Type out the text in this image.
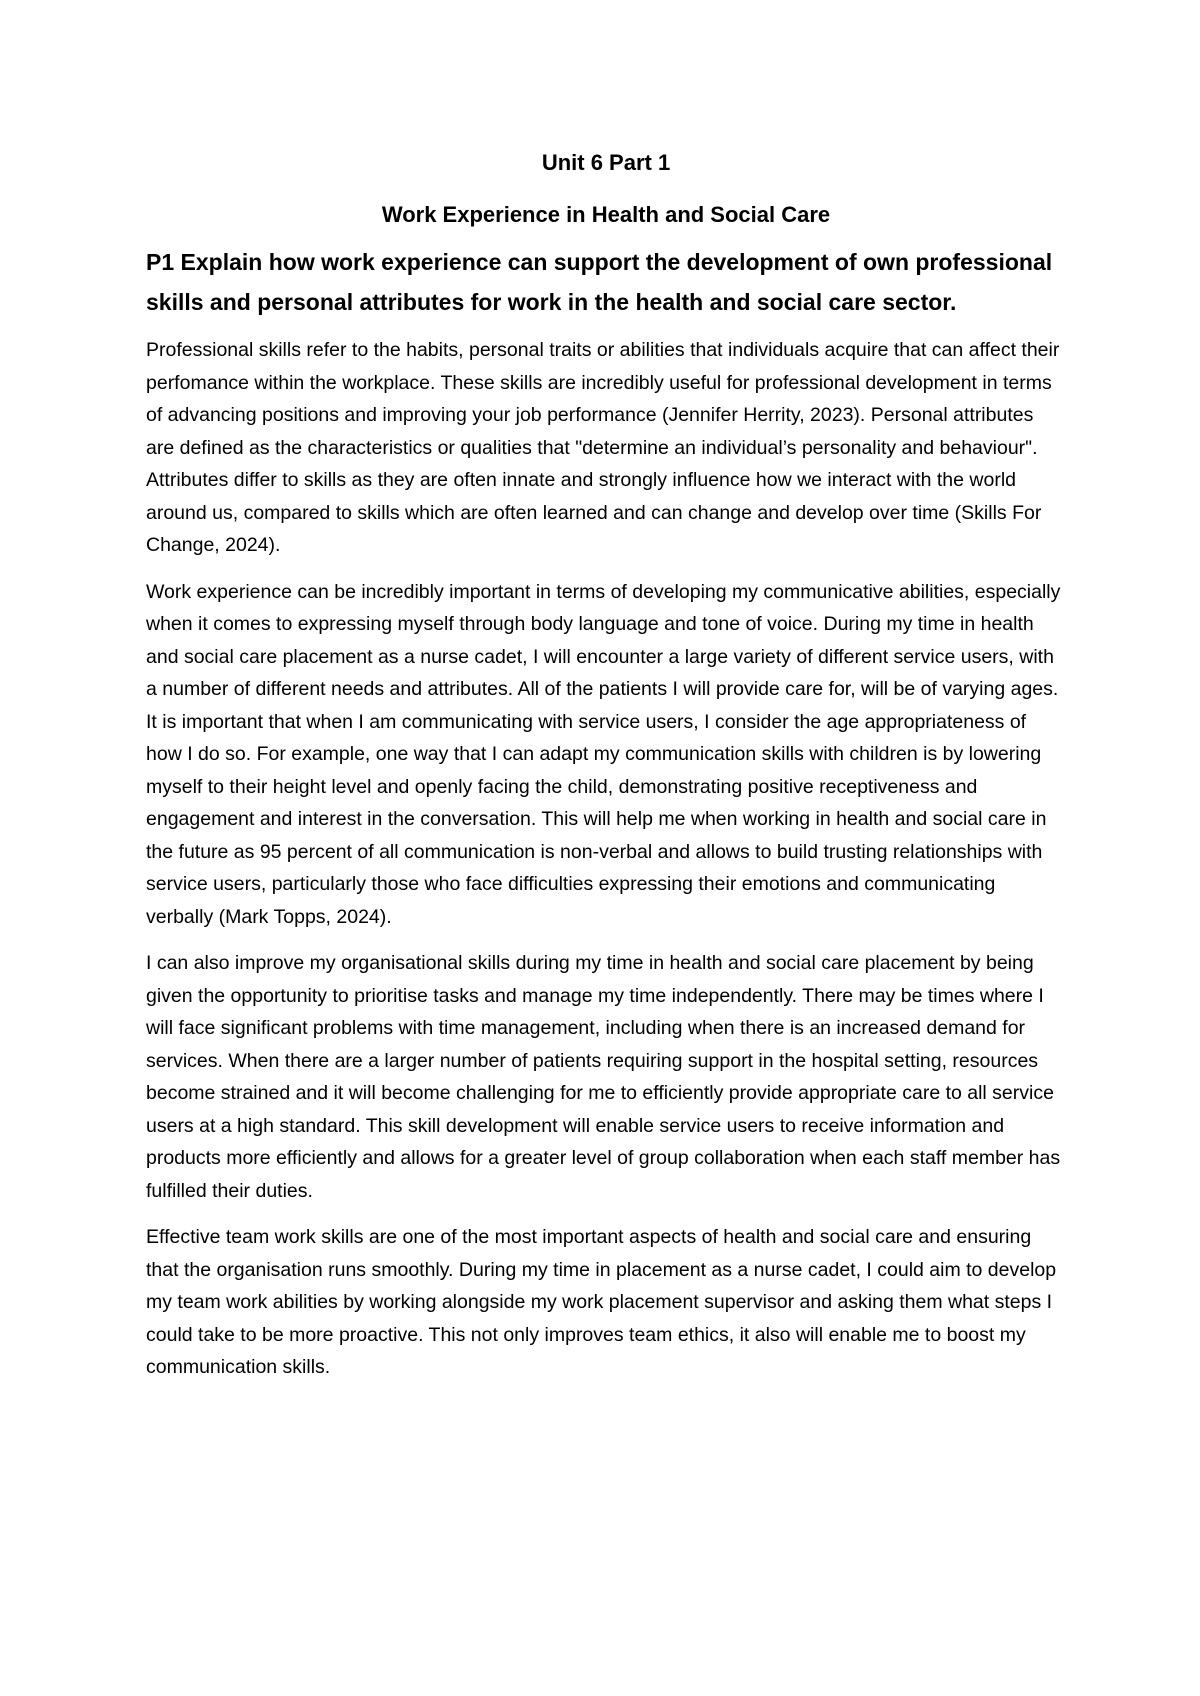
Unit 6 Part 1
Work Experience in Health and Social Care
P1 Explain how work experience can support the development of own professional skills and personal attributes for work in the health and social care sector.

Professional skills refer to the habits, personal traits or abilities that individuals acquire that can affect their perfomance within the workplace. These skills are incredibly useful for professional development in terms of advancing positions and improving your job performance (Jennifer Herrity, 2023). Personal attributes are defined as the characteristics or qualities that "determine an individual’s personality and behaviour". Attributes differ to skills as they are often innate and strongly influence how we interact with the world around us, compared to skills which are often learned and can change and develop over time (Skills For Change, 2024).

Work experience can be incredibly important in terms of developing my communicative abilities, especially when it comes to expressing myself through body language and tone of voice. During my time in health and social care placement as a nurse cadet, I will encounter a large variety of different service users, with a number of different needs and attributes. All of the patients I will provide care for, will be of varying ages. It is important that when I am communicating with service users, I consider the age appropriateness of how I do so. For example, one way that I can adapt my communication skills with children is by lowering myself to their height level and openly facing the child, demonstrating positive receptiveness and engagement and interest in the conversation. This will help me when working in health and social care in the future as 95 percent of all communication is non-verbal and allows to build trusting relationships with service users, particularly those who face difficulties expressing their emotions and communicating verbally (Mark Topps, 2024).

I can also improve my organisational skills during my time in health and social care placement by being given the opportunity to prioritise tasks and manage my time independently. There may be times where I will face significant problems with time management, including when there is an increased demand for services. When there are a larger number of patients requiring support in the hospital setting, resources become strained and it will become challenging for me to efficiently provide appropriate care to all service users at a high standard. This skill development will enable service users to receive information and products more efficiently and allows for a greater level of group collaboration when each staff member has fulfilled their duties.

Effective team work skills are one of the most important aspects of health and social care and ensuring that the organisation runs smoothly. During my time in placement as a nurse cadet, I could aim to develop my team work abilities by working alongside my work placement supervisor and asking them what steps I could take to be more proactive. This not only improves team ethics, it also will enable me to boost my communication skills.
